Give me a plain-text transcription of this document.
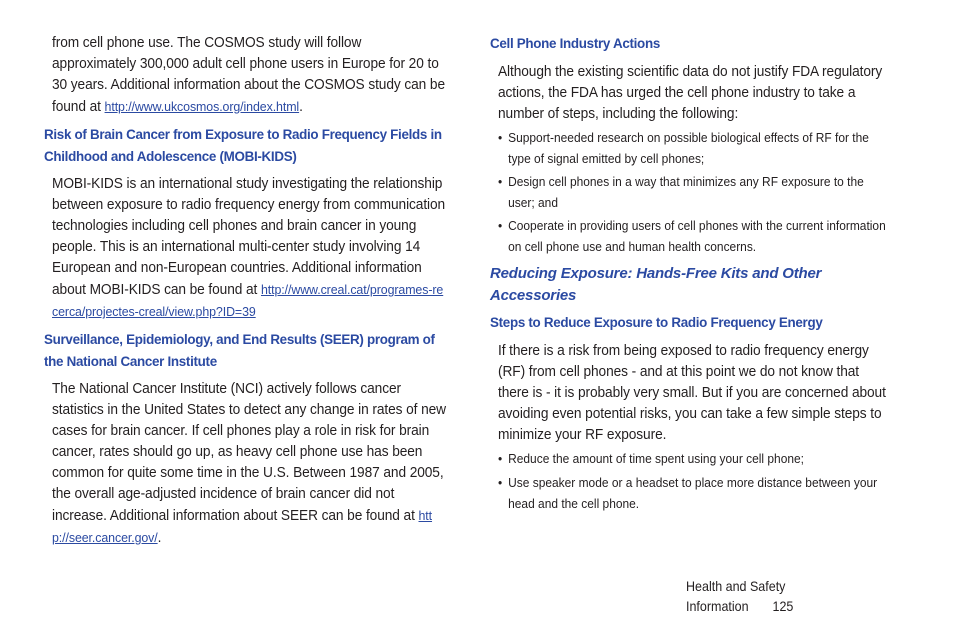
from cell phone use. The COSMOS study will follow approximately 300,000 adult cell phone users in Europe for 20 to 30 years. Additional information about the COSMOS study can be found at http://www.ukcosmos.org/index.html.
Risk of Brain Cancer from Exposure to Radio Frequency Fields in Childhood and Adolescence (MOBI-KIDS)
MOBI-KIDS is an international study investigating the relationship between exposure to radio frequency energy from communication technologies including cell phones and brain cancer in young people. This is an international multi-center study involving 14 European and non-European countries. Additional information about MOBI-KIDS can be found at http://www.creal.cat/programes-recerca/projectes-creal/view.php?ID=39
Surveillance, Epidemiology, and End Results (SEER) program of the National Cancer Institute
The National Cancer Institute (NCI) actively follows cancer statistics in the United States to detect any change in rates of new cases for brain cancer. If cell phones play a role in risk for brain cancer, rates should go up, as heavy cell phone use has been common for quite some time in the U.S. Between 1987 and 2005, the overall age-adjusted incidence of brain cancer did not increase. Additional information about SEER can be found at http://seer.cancer.gov/.
Cell Phone Industry Actions
Although the existing scientific data do not justify FDA regulatory actions, the FDA has urged the cell phone industry to take a number of steps, including the following:
• Support-needed research on possible biological effects of RF for the type of signal emitted by cell phones;
• Design cell phones in a way that minimizes any RF exposure to the user; and
• Cooperate in providing users of cell phones with the current information on cell phone use and human health concerns.
Reducing Exposure: Hands-Free Kits and Other Accessories
Steps to Reduce Exposure to Radio Frequency Energy
If there is a risk from being exposed to radio frequency energy (RF) from cell phones - and at this point we do not know that there is - it is probably very small. But if you are concerned about avoiding even potential risks, you can take a few simple steps to minimize your RF exposure.
• Reduce the amount of time spent using your cell phone;
• Use speaker mode or a headset to place more distance between your head and the cell phone.
Health and Safety Information 125
